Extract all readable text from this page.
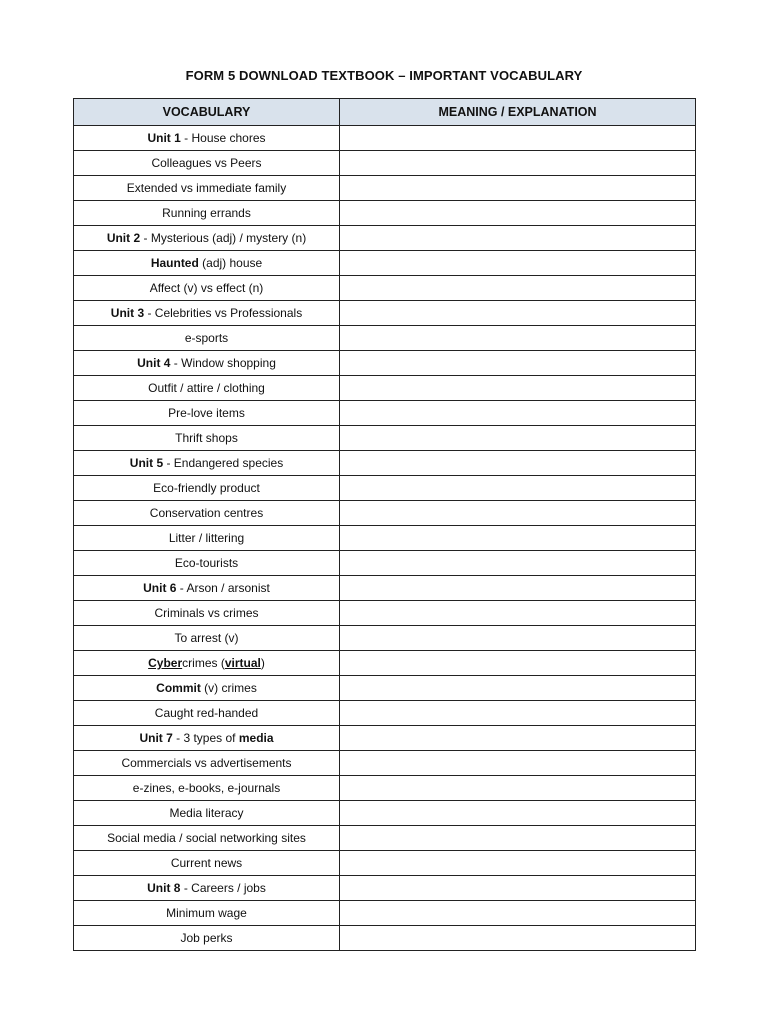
FORM 5 DOWNLOAD TEXTBOOK – IMPORTANT VOCABULARY
VOCABULARY	MEANING / EXPLANATION
Unit 1 - House chores	
Colleagues vs Peers	
Extended vs immediate family	
Running errands	
Unit 2 - Mysterious (adj) / mystery (n)	
Haunted (adj) house	
Affect (v) vs effect (n)	
Unit 3 - Celebrities vs Professionals	
e-sports	
Unit 4 - Window shopping	
Outfit / attire / clothing	
Pre-love items	
Thrift shops	
Unit 5 - Endangered species	
Eco-friendly product	
Conservation centres	
Litter / littering	
Eco-tourists	
Unit 6 - Arson / arsonist	
Criminals vs crimes	
To arrest (v)	
Cybercrimes (virtual)	
Commit (v) crimes	
Caught red-handed	
Unit 7 - 3 types of media	
Commercials vs advertisements	
e-zines, e-books, e-journals	
Media literacy	
Social media / social networking sites	
Current news	
Unit 8 - Careers / jobs	
Minimum wage	
Job perks	
